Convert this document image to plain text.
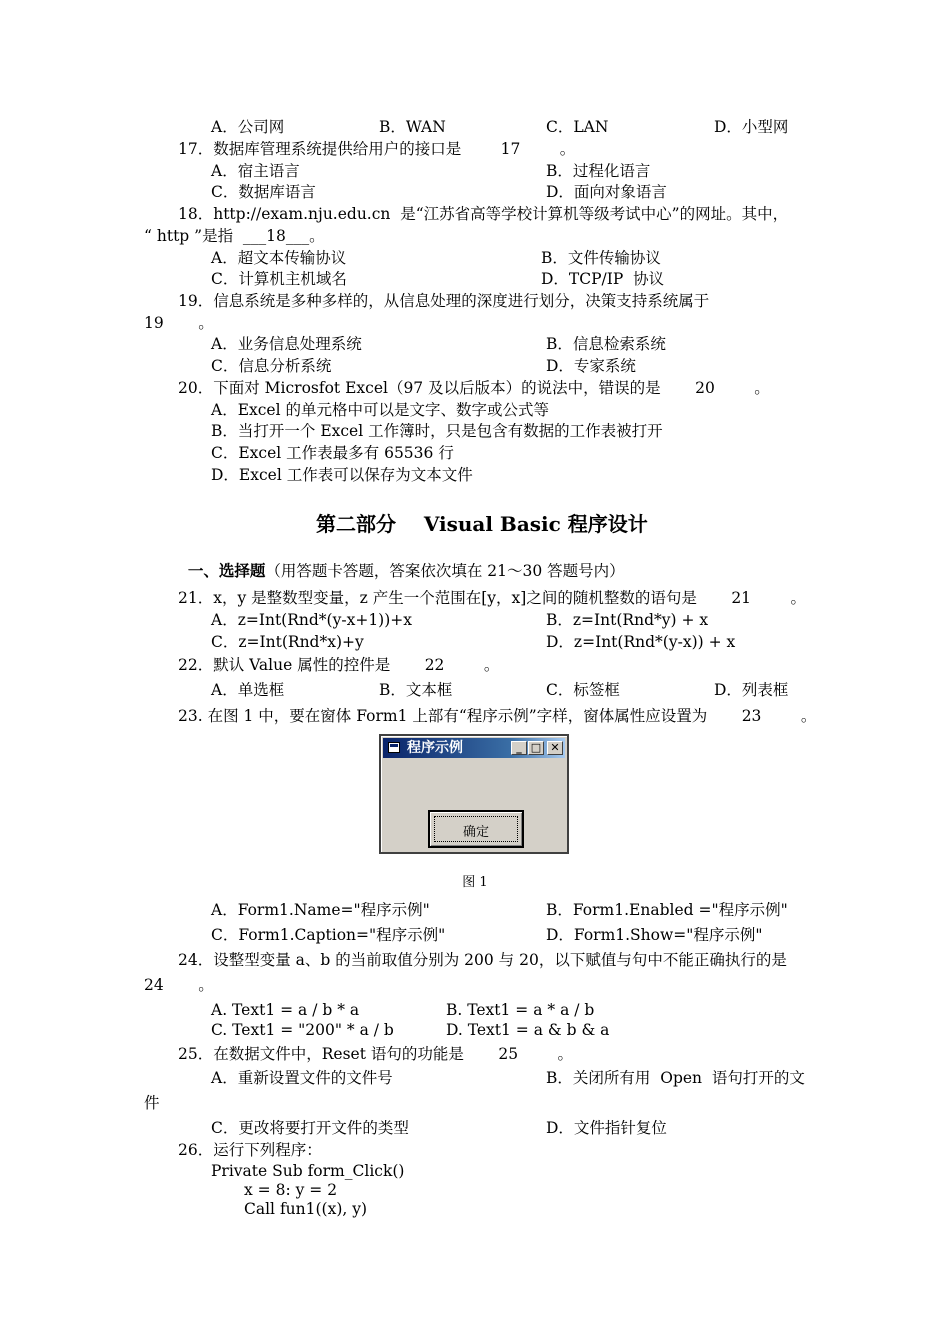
A．公司网	B．WAN	C．LAN	D．小型网
17．数据库管理系统提供给用户的接口是        17        。
A．宿主语言	B．过程化语言
C．数据库语言	D．面向对象语言
18．http://exam.nju.edu.cn  是“江苏省高等学校计算机等级考试中心”的网址。其中，
“ http ”是指  ___18___。
A．超文本传输协议	B．文件传输协议
C．计算机主机域名	D．TCP/IP  协议
19．信息系统是多种多样的，从信息处理的深度进行划分，决策支持系统属于
19       。
A．业务信息处理系统	B．信息检索系统
C．信息分析系统	D．专家系统
20．下面对 Microsfot Excel（97 及以后版本）的说法中，错误的是       20        。
A．Excel 的单元格中可以是文字、数字或公式等
B．当打开一个 Excel 工作簿时，只是包含有数据的工作表被打开
C．Excel 工作表最多有 65536 行
D．Excel 工作表可以保存为文本文件
第二部分    Visual Basic 程序设计

一、选择题（用答题卡答题，答案依次填在 21～30 答题号内）

21．x，y 是整数型变量，z 产生一个范围在[y，x]之间的随机整数的语句是       21        。
A．z=Int(Rnd*(y-x+1))+x	B．z=Int(Rnd*y) + x
C．z=Int(Rnd*x)+y	D．z=Int(Rnd*(y-x)) + x
22．默认 Value 属性的控件是       22        。
A．单选框	B．文本框	C．标签框	D．列表框
23. 在图 1 中，要在窗体 Form1 上部有“程序示例”字样，窗体属性应设置为       23        。
程序示例	_ □ ✕
确定
图 1
A．Form1.Name="程序示例"	B．Form1.Enabled ="程序示例"
C．Form1.Caption="程序示例"	D．Form1.Show="程序示例"
24．设整型变量 a、b 的当前取值分别为 200 与 20，以下赋值与句中不能正确执行的是
24       。
A. Text1 = a / b * a	B. Text1 = a * a / b
C. Text1 = "200" * a / b	D. Text1 = a & b & a
25．在数据文件中，Reset 语句的功能是       25        。
A．重新设置文件的文件号	B．关闭所有用  Open  语句打开的文
件
C．更改将要打开文件的类型	D．文件指针复位
26．运行下列程序：
Private Sub form_Click()
x = 8: y = 2
Call fun1((x), y)
